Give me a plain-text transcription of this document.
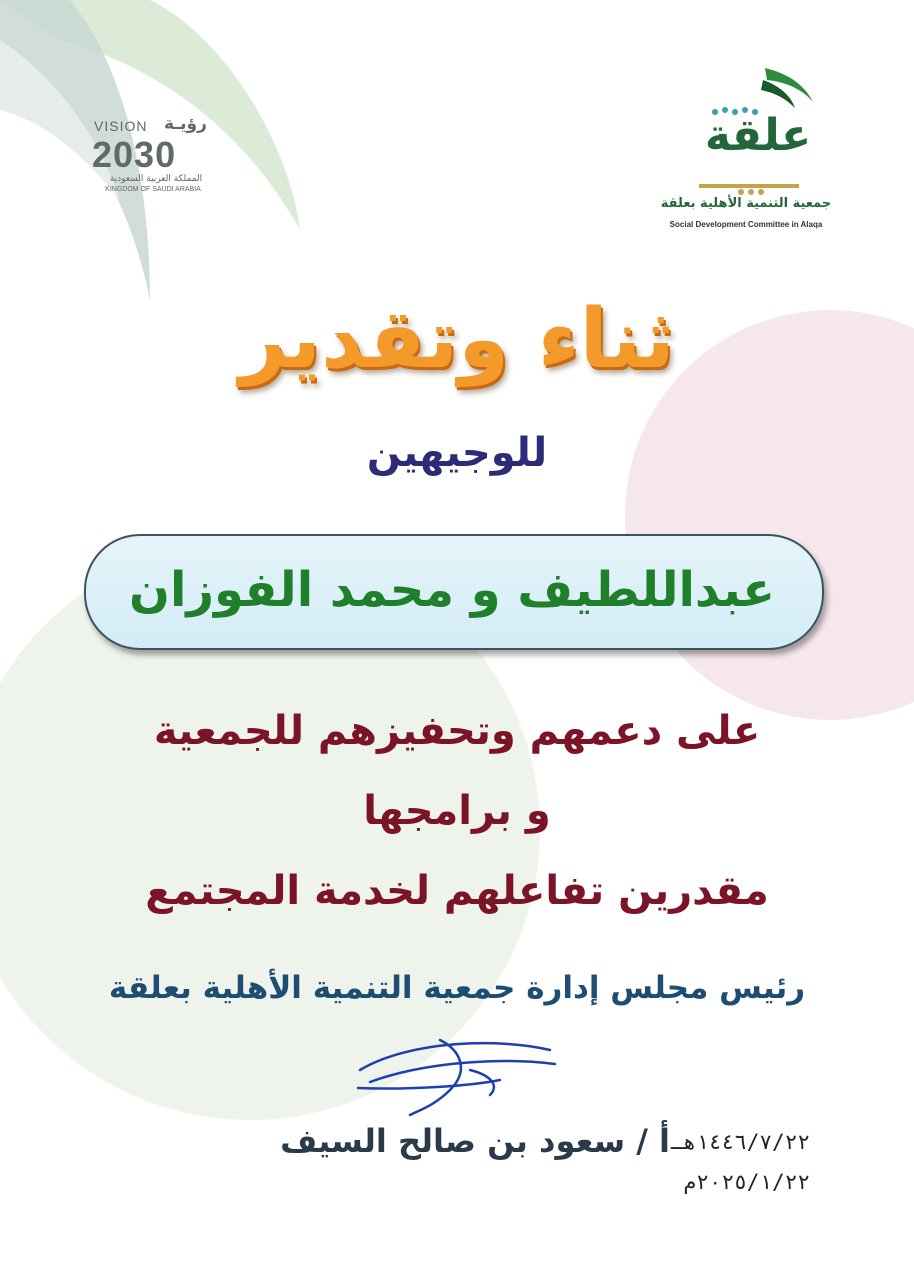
VISION رؤيـة
2030
المملكة العربية السعودية
KINGDOM OF SAUDI ARABIA
علقة
جمعية التنمية الأهلية بعلقة
Social Development Committee in Alaqa
ثناء وتقدير
للوجيهين
عبداللطيف و محمد الفوزان
على دعمهم وتحفيزهم للجمعية
و برامجها
مقدرين تفاعلهم لخدمة المجتمع
رئيس مجلس إدارة جمعية التنمية الأهلية بعلقة
أ / سعود بن صالح السيف ١٤٤٦/٧/٢٢هـ
٢٠٢٥/١/٢٢م
